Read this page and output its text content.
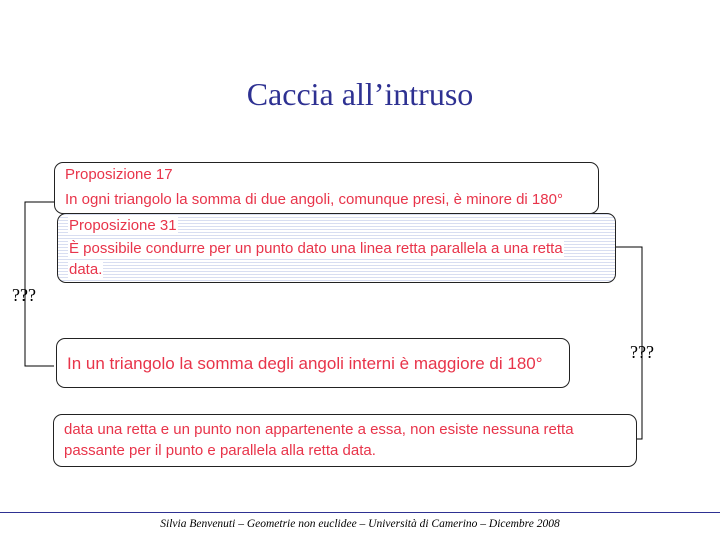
Caccia all’intruso
Proposizione 17
In ogni triangolo la somma di due angoli, comunque presi, è minore di 180°
Proposizione 31
È possibile condurre per un punto dato una linea retta parallela a una retta
data.
???
???
In un triangolo la somma degli angoli interni è maggiore di 180°
data una retta e un punto non appartenente a essa, non esiste nessuna retta
passante per il punto e parallela alla retta data.
Silvia Benvenuti – Geometrie non euclidee – Università di Camerino – Dicembre 2008
